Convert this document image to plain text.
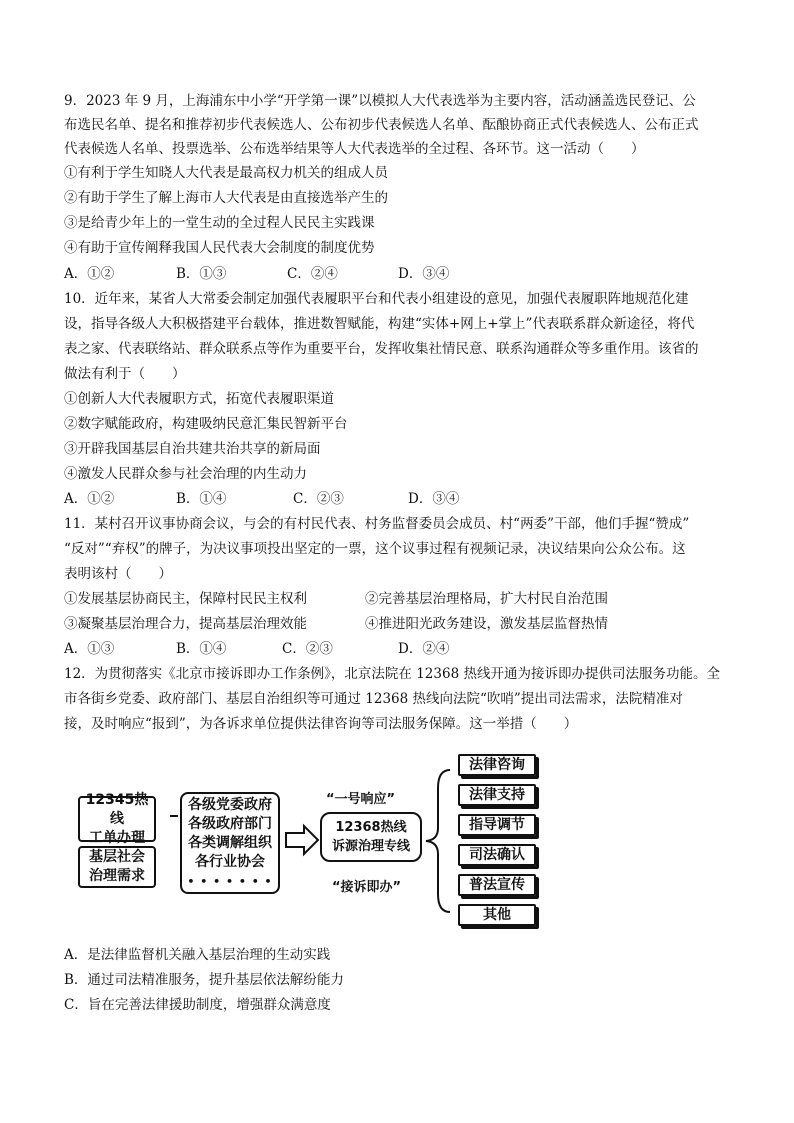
9．2023 年 9 月，上海浦东中小学“开学第一课”以模拟人大代表选举为主要内容，活动涵盖选民登记、公
布选民名单、提名和推荐初步代表候选人、公布初步代表候选人名单、酝酿协商正式代表候选人、公布正式
代表候选人名单、投票选举、公布选举结果等人大代表选举的全过程、各环节。这一活动（　　）
①有利于学生知晓人大代表是最高权力机关的组成人员
②有助于学生了解上海市人大代表是由直接选举产生的
③是给青少年上的一堂生动的全过程人民民主实践课
④有助于宣传阐释我国人民代表大会制度的制度优势
A．①②	B．①③	C．②④	D．③④
10．近年来，某省人大常委会制定加强代表履职平台和代表小组建设的意见，加强代表履职阵地规范化建
设，指导各级人大积极搭建平台载体，推进数智赋能，构建“实体+网上+掌上”代表联系群众新途径，将代
表之家、代表联络站、群众联系点等作为重要平台，发挥收集社情民意、联系沟通群众等多重作用。该省的
做法有利于（　　）
①创新人大代表履职方式，拓宽代表履职渠道
②数字赋能政府，构建吸纳民意汇集民智新平台
③开辟我国基层自治共建共治共享的新局面
④激发人民群众参与社会治理的内生动力
A．①②	B．①④	C．②③	D．③④
11．某村召开议事协商会议，与会的有村民代表、村务监督委员会成员、村“两委”干部，他们手握“赞成”
“反对”“弃权”的牌子，为决议事项投出坚定的一票，这个议事过程有视频记录，决议结果向公众公布。这
表明该村（　　）
①发展基层协商民主，保障村民民主权利	②完善基层治理格局，扩大村民自治范围
③凝聚基层治理合力，提高基层治理效能	④推进阳光政务建设，激发基层监督热情
A．①③	B．①④	C．②③	D．②④
12．为贯彻落实《北京市接诉即办工作条例》，北京法院在 12368 热线开通为接诉即办提供司法服务功能。全
市各街乡党委、政府部门、基层自治组织等可通过 12368 热线向法院“吹哨”提出司法需求，法院精准对
接，及时响应“报到”，为各诉求单位提供法律咨询等司法服务保障。这一举措（　　）
12345热线
工单办理
基层社会
治理需求
各级党委政府
各级政府部门
各类调解组织
各行业协会
• • • • • • •
“一号响应”
12368热线
诉源治理专线
“接诉即办”
法律咨询
法律支持
指导调节
司法确认
普法宣传
其他
A．是法律监督机关融入基层治理的生动实践
B．通过司法精准服务，提升基层依法解纷能力
C．旨在完善法律援助制度，增强群众满意度
